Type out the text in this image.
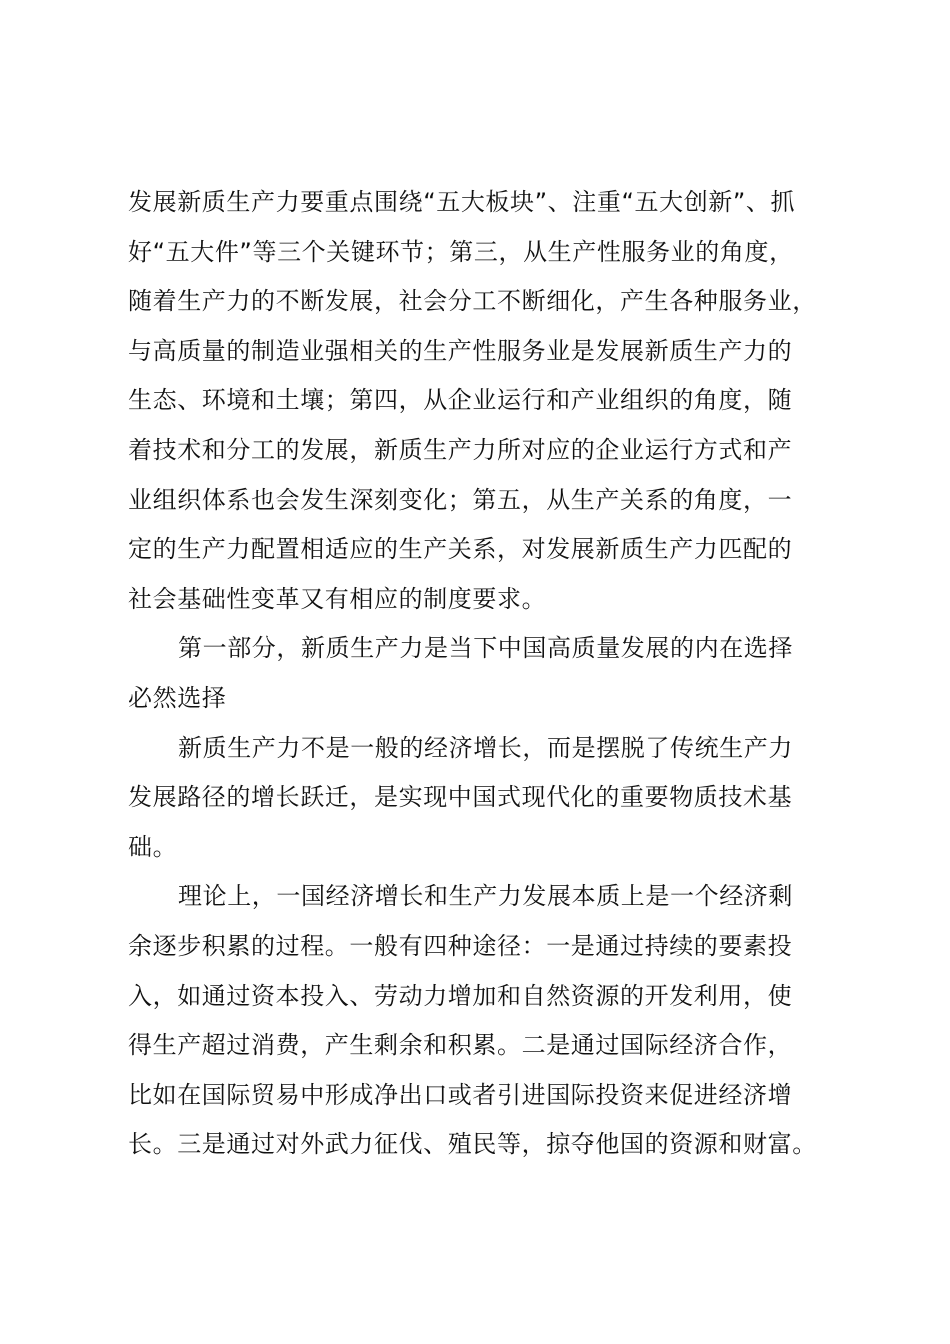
发展新质生产力要重点围绕“五大板块”、注重“五大创新”、抓
好“五大件”等三个关键环节；第三，从生产性服务业的角度，
随着生产力的不断发展，社会分工不断细化，产生各种服务业，
与高质量的制造业强相关的生产性服务业是发展新质生产力的
生态、环境和土壤；第四，从企业运行和产业组织的角度，随
着技术和分工的发展，新质生产力所对应的企业运行方式和产
业组织体系也会发生深刻变化；第五，从生产关系的角度，一
定的生产力配置相适应的生产关系，对发展新质生产力匹配的
社会基础性变革又有相应的制度要求。
第一部分，新质生产力是当下中国高质量发展的内在选择
必然选择
新质生产力不是一般的经济增长，而是摆脱了传统生产力
发展路径的增长跃迁，是实现中国式现代化的重要物质技术基
础。
理论上，一国经济增长和生产力发展本质上是一个经济剩
余逐步积累的过程。一般有四种途径：一是通过持续的要素投
入，如通过资本投入、劳动力增加和自然资源的开发利用，使
得生产超过消费，产生剩余和积累。二是通过国际经济合作，
比如在国际贸易中形成净出口或者引进国际投资来促进经济增
长。三是通过对外武力征伐、殖民等，掠夺他国的资源和财富。
